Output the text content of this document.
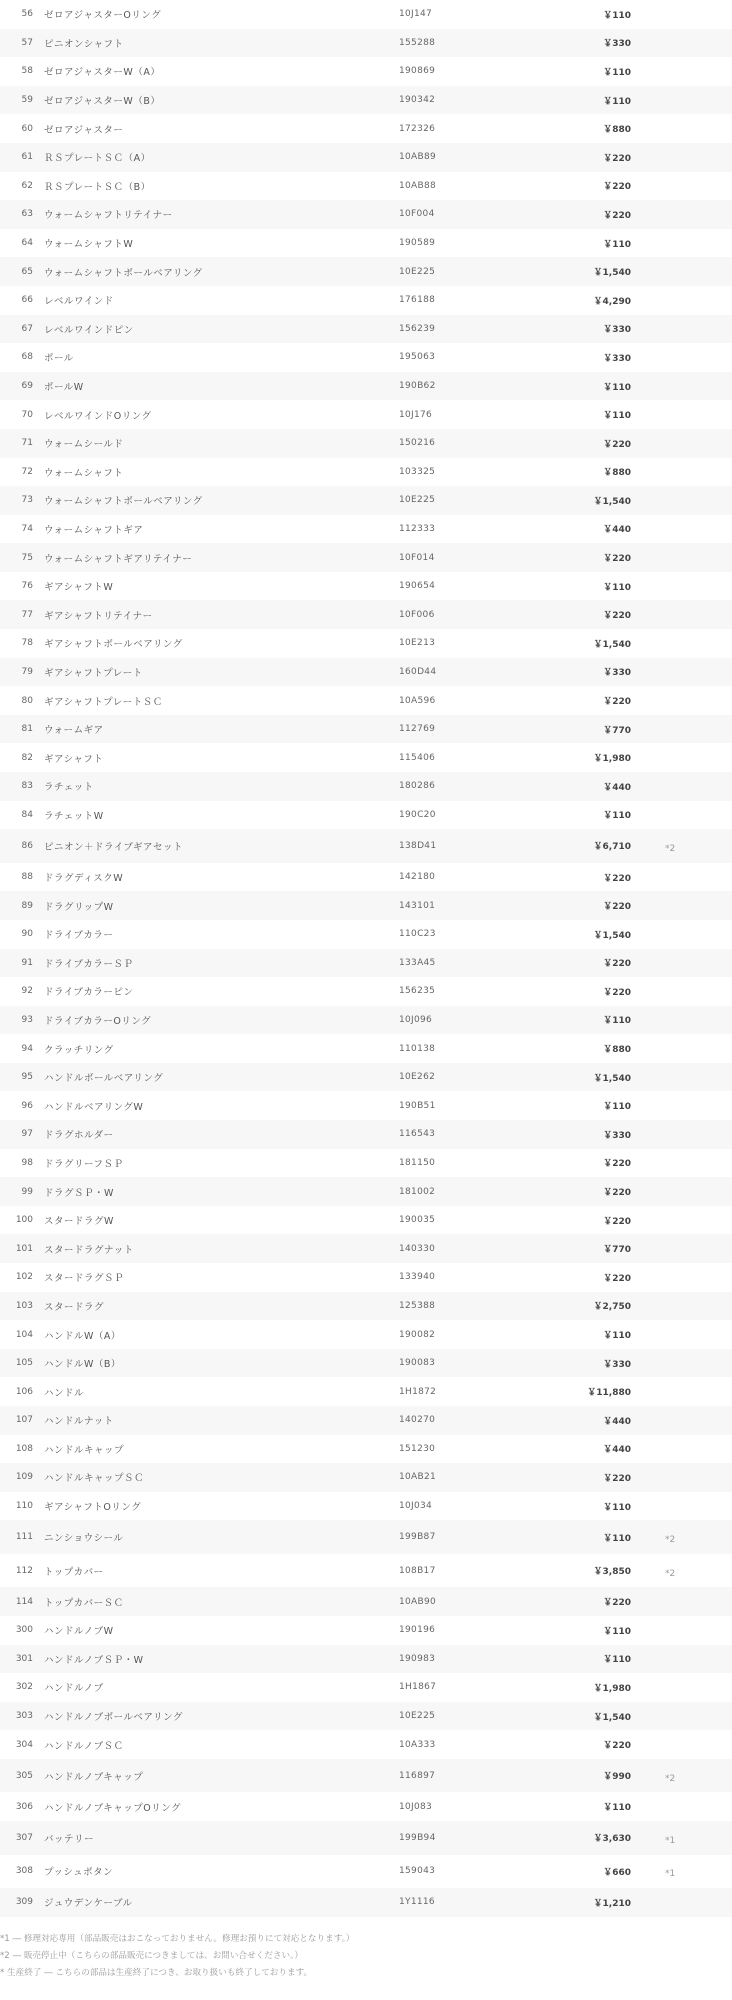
56	ゼロアジャスターOリング	10J147	￥110
57	ピニオンシャフト	155288	￥330
58	ゼロアジャスターW（A）	190869	￥110
59	ゼロアジャスターW（B）	190342	￥110
60	ゼロアジャスター	172326	￥880
61	ＲＳプレートＳＣ（A）	10AB89	￥220
62	ＲＳプレートＳＣ（B）	10AB88	￥220
63	ウォームシャフトリテイナー	10F004	￥220
64	ウォームシャフトW	190589	￥110
65	ウォームシャフトボールベアリング	10E225	￥1,540
66	レベルワインド	176188	￥4,290
67	レベルワインドピン	156239	￥330
68	ポール	195063	￥330
69	ポールW	190B62	￥110
70	レベルワインドOリング	10J176	￥110
71	ウォームシールド	150216	￥220
72	ウォームシャフト	103325	￥880
73	ウォームシャフトボールベアリング	10E225	￥1,540
74	ウォームシャフトギア	112333	￥440
75	ウォームシャフトギアリテイナー	10F014	￥220
76	ギアシャフトW	190654	￥110
77	ギアシャフトリテイナー	10F006	￥220
78	ギアシャフトボールベアリング	10E213	￥1,540
79	ギアシャフトプレート	160D44	￥330
80	ギアシャフトプレートＳＣ	10A596	￥220
81	ウォームギア	112769	￥770
82	ギアシャフト	115406	￥1,980
83	ラチェット	180286	￥440
84	ラチェットW	190C20	￥110
86	ピニオン＋ドライブギアセット	138D41	￥6,710	*2
88	ドラグディスクW	142180	￥220
89	ドラグリップW	143101	￥220
90	ドライブカラー	110C23	￥1,540
91	ドライブカラーＳＰ	133A45	￥220
92	ドライブカラーピン	156235	￥220
93	ドライブカラーOリング	10J096	￥110
94	クラッチリング	110138	￥880
95	ハンドルボールベアリング	10E262	￥1,540
96	ハンドルベアリングW	190B51	￥110
97	ドラグホルダー	116543	￥330
98	ドラグリーフＳＰ	181150	￥220
99	ドラグＳＰ・W	181002	￥220
100	スタードラグW	190035	￥220
101	スタードラグナット	140330	￥770
102	スタードラグＳＰ	133940	￥220
103	スタードラグ	125388	￥2,750
104	ハンドルW（A）	190082	￥110
105	ハンドルW（B）	190083	￥330
106	ハンドル	1H1872	￥11,880
107	ハンドルナット	140270	￥440
108	ハンドルキャップ	151230	￥440
109	ハンドルキャップＳＣ	10AB21	￥220
110	ギアシャフトOリング	10J034	￥110
111	ニンショウシール	199B87	￥110	*2
112	トップカバー	108B17	￥3,850	*2
114	トップカバーＳＣ	10AB90	￥220
300	ハンドルノブW	190196	￥110
301	ハンドルノブＳＰ・W	190983	￥110
302	ハンドルノブ	1H1867	￥1,980
303	ハンドルノブボールベアリング	10E225	￥1,540
304	ハンドルノブＳＣ	10A333	￥220
305	ハンドルノブキャップ	116897	￥990	*2
306	ハンドルノブキャップOリング	10J083	￥110
307	バッテリー	199B94	￥3,630	*1
308	プッシュボタン	159043	￥660	*1
309	ジュウデンケーブル	1Y1116	￥1,210
*1 ― 修理対応専用（部品販売はおこなっておりません。修理お預りにて対応となります。）
*2 ― 販売停止中（こちらの部品販売につきましては、お問い合せください。）
* 生産終了 ― こちらの部品は生産終了につき、お取り扱いも終了しております。
